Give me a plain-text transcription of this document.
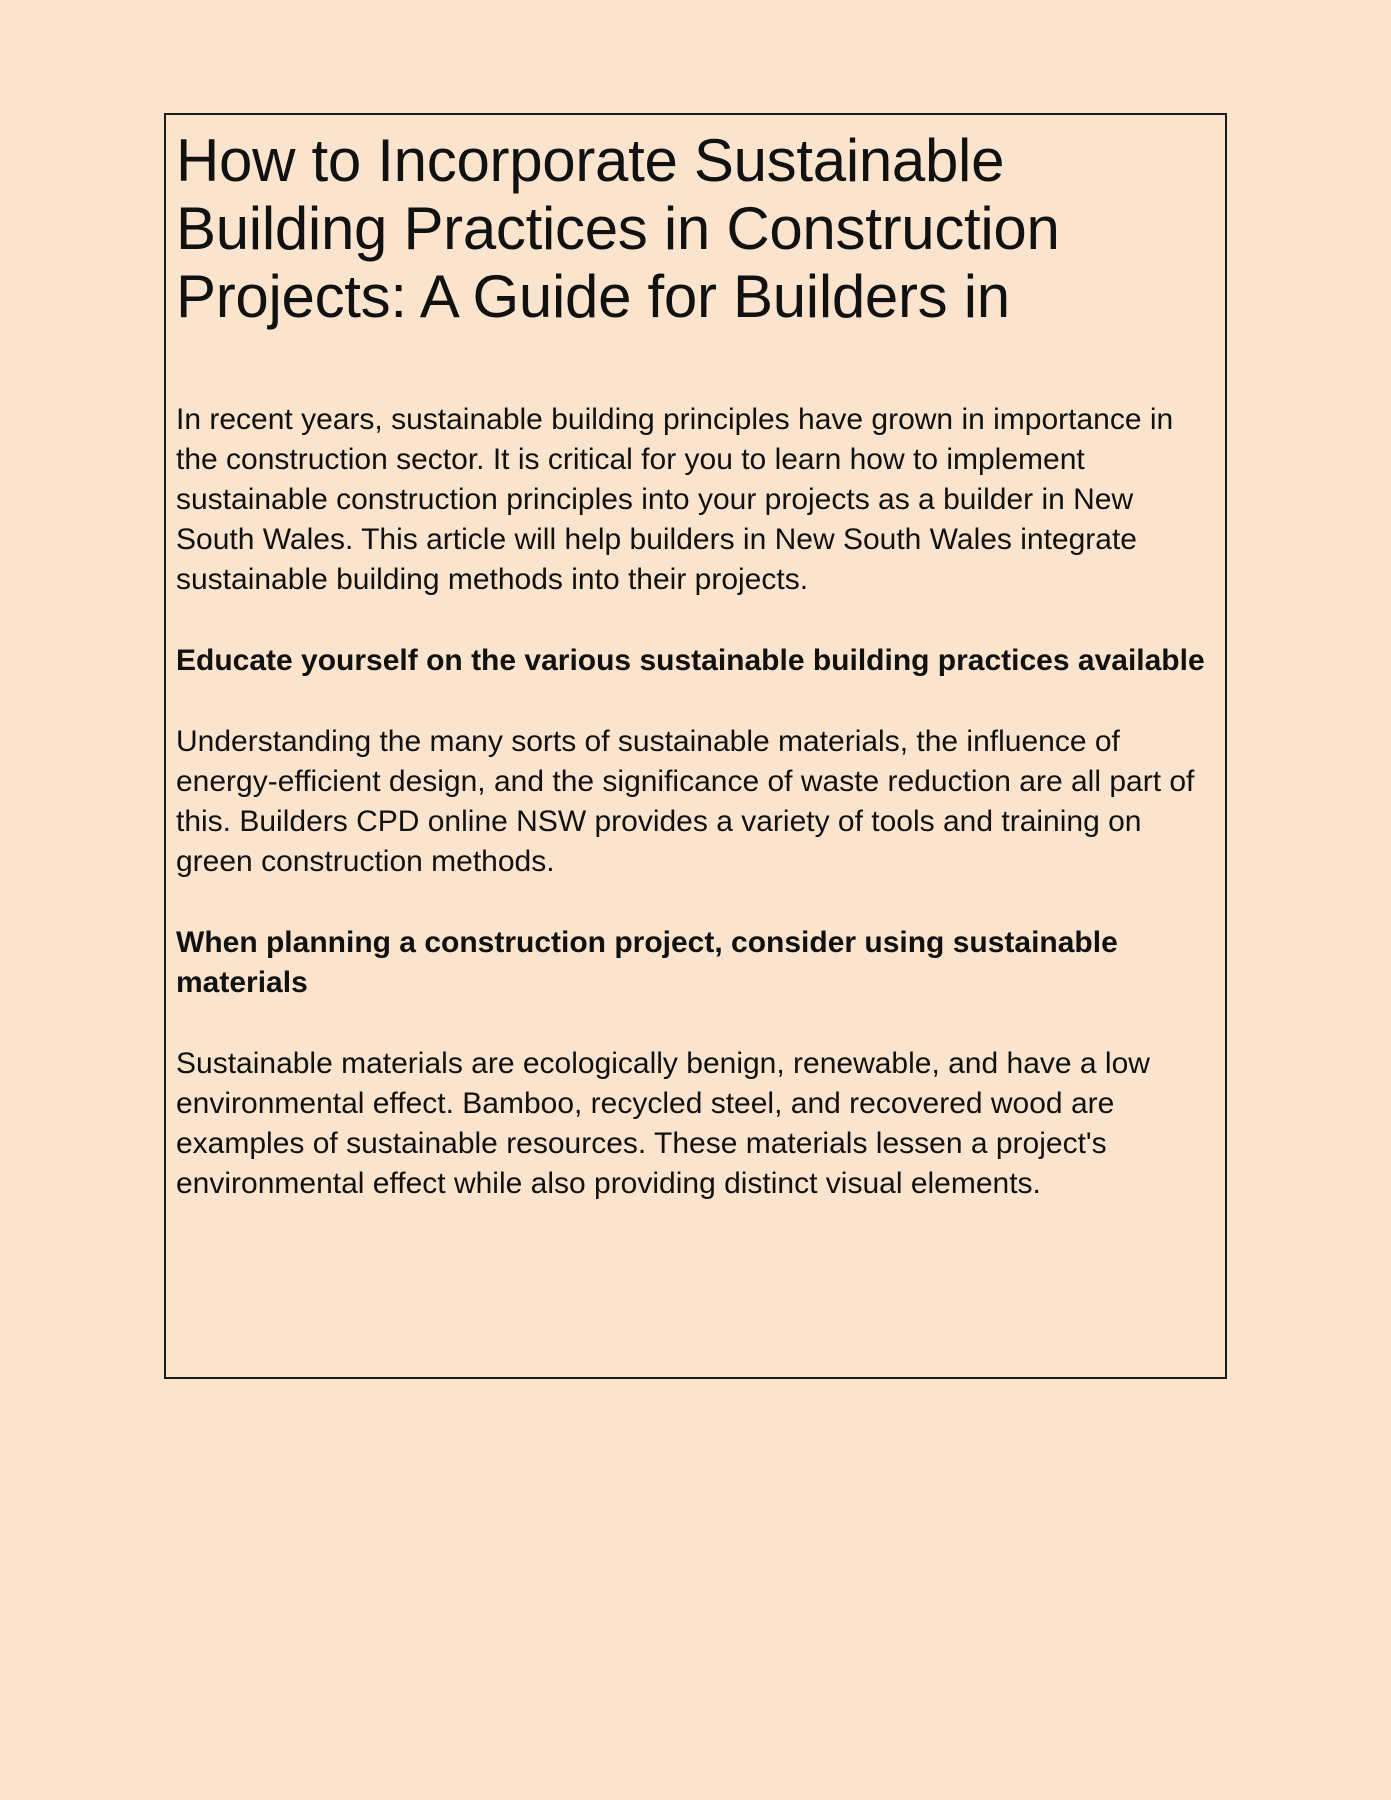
How to Incorporate Sustainable Building Practices in Construction Projects: A Guide for Builders in

In recent years, sustainable building principles have grown in importance in the construction sector. It is critical for you to learn how to implement sustainable construction principles into your projects as a builder in New South Wales. This article will help builders in New South Wales integrate sustainable building methods into their projects.

Educate yourself on the various sustainable building practices available

Understanding the many sorts of sustainable materials, the influence of energy-efficient design, and the significance of waste reduction are all part of this. Builders CPD online NSW provides a variety of tools and training on green construction methods.

When planning a construction project, consider using sustainable materials

Sustainable materials are ecologically benign, renewable, and have a low environmental effect. Bamboo, recycled steel, and recovered wood are examples of sustainable resources. These materials lessen a project's environmental effect while also providing distinct visual elements.
